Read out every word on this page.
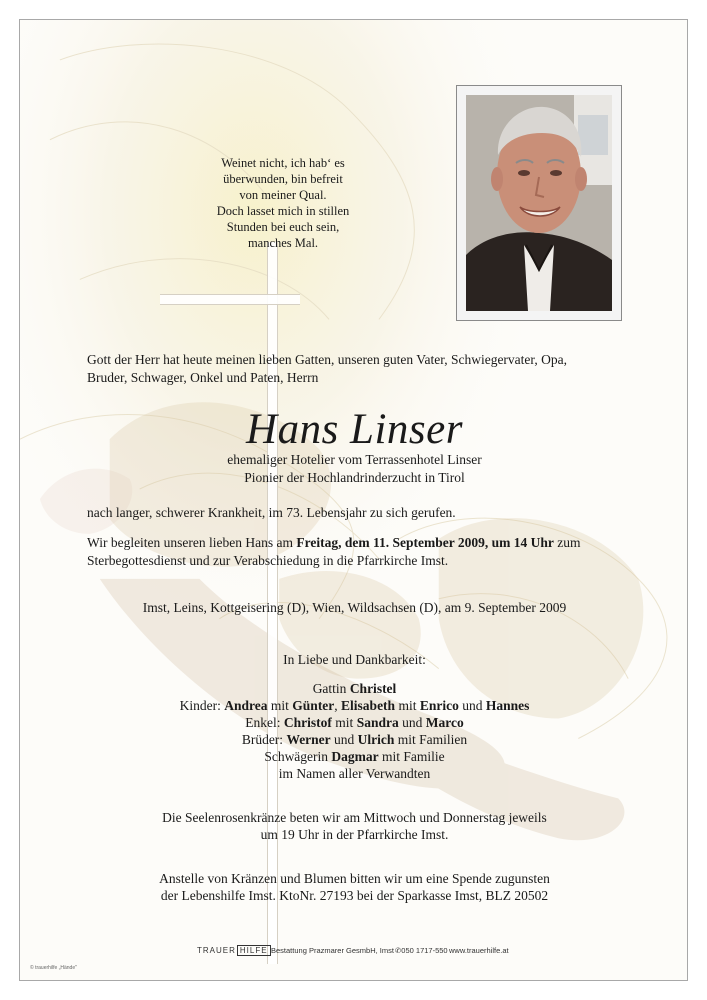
Weinet nicht, ich hab‘ es
überwunden, bin befreit
von meiner Qual.
Doch lasset mich in stillen
Stunden bei euch sein,
manches Mal.
Gott der Herr hat heute meinen lieben Gatten, unseren guten Vater, Schwiegervater, Opa,
Bruder, Schwager, Onkel und Paten, Herrn
Hans Linser
ehemaliger Hotelier vom Terrassenhotel Linser
Pionier der Hochlandrinderzucht in Tirol
nach langer, schwerer Krankheit, im 73. Lebensjahr zu sich gerufen.
Wir begleiten unseren lieben Hans am Freitag, dem 11. September 2009, um 14 Uhr zum
Sterbegottesdienst und zur Verabschiedung in die Pfarrkirche Imst.
Imst, Leins, Kottgeisering (D), Wien, Wildsachsen (D), am 9. September 2009
In Liebe und Dankbarkeit:
Gattin Christel
Kinder: Andrea mit Günter, Elisabeth mit Enrico und Hannes
Enkel: Christof mit Sandra und Marco
Brüder: Werner und Ulrich mit Familien
Schwägerin Dagmar mit Familie
im Namen aller Verwandten
Die Seelenrosenkränze beten wir am Mittwoch und Donnerstag jeweils
um 19 Uhr in der Pfarrkirche Imst.
Anstelle von Kränzen und Blumen bitten wir um eine Spende zugunsten
der Lebenshilfe Imst. KtoNr. 27193 bei der Sparkasse Imst, BLZ 20502
TRAUER HILFE Bestattung Prazmarer GesmbH, Imst ✆050 1717-550 www.trauerhilfe.at
© trauerhilfe „Hände"
